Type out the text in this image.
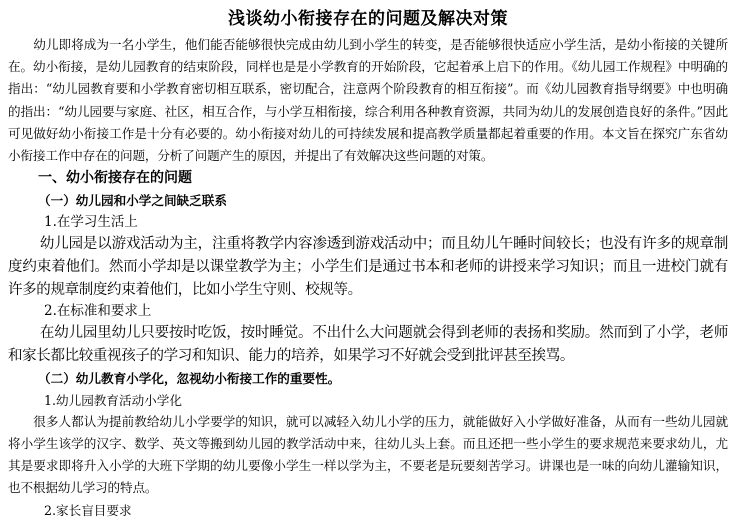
浅谈幼小衔接存在的问题及解决对策

幼儿即将成为一名小学生，他们能否能够很快完成由幼儿到小学生的转变，是否能够很快适应小学生活，是幼小衔接的关键所在。幼小衔接，是幼儿园教育的结束阶段，同样也是是小学教育的开始阶段，它起着承上启下的作用。《幼儿园工作规程》中明确的指出：“幼儿园教育要和小学教育密切相互联系，密切配合，注意两个阶段教育的相互衔接”。而《幼儿园教育指导纲要》中也明确的指出：“幼儿园要与家庭、社区，相互合作，与小学互相衔接，综合利用各种教育资源，共同为幼儿的发展创造良好的条件。”因此可见做好幼小衔接工作是十分有必要的。幼小衔接对幼儿的可持续发展和提高教学质量都起着重要的作用。本文旨在探究广东省幼小衔接工作中存在的问题，分析了问题产生的原因，并提出了有效解决这些问题的对策。

一、幼小衔接存在的问题
（一）幼儿园和小学之间缺乏联系
1.在学习生活上

幼儿园是以游戏活动为主，注重将教学内容渗透到游戏活动中；而且幼儿午睡时间较长；也没有许多的规章制度约束着他们。然而小学却是以课堂教学为主；小学生们是通过书本和老师的讲授来学习知识；而且一进校门就有许多的规章制度约束着他们，比如小学生守则、校规等。

2.在标准和要求上

在幼儿园里幼儿只要按时吃饭，按时睡觉。不出什么大问题就会得到老师的表扬和奖励。然而到了小学，老师和家长都比较重视孩子的学习和知识、能力的培养，如果学习不好就会受到批评甚至挨骂。

（二）幼儿教育小学化，忽视幼小衔接工作的重要性。
1.幼儿园教育活动小学化

很多人都认为提前教给幼儿小学要学的知识，就可以减轻入幼儿小学的压力，就能做好入小学做好准备，从而有一些幼儿园就将小学生该学的汉字、数学、英文等搬到幼儿园的教学活动中来，往幼儿头上套。而且还把一些小学生的要求规范来要求幼儿，尤其是要求即将升入小学的大班下学期的幼儿要像小学生一样以学为主，不要老是玩要刻苦学习。讲课也是一味的向幼儿灌输知识，也不根据幼儿学习的特点。

2.家长盲目要求
